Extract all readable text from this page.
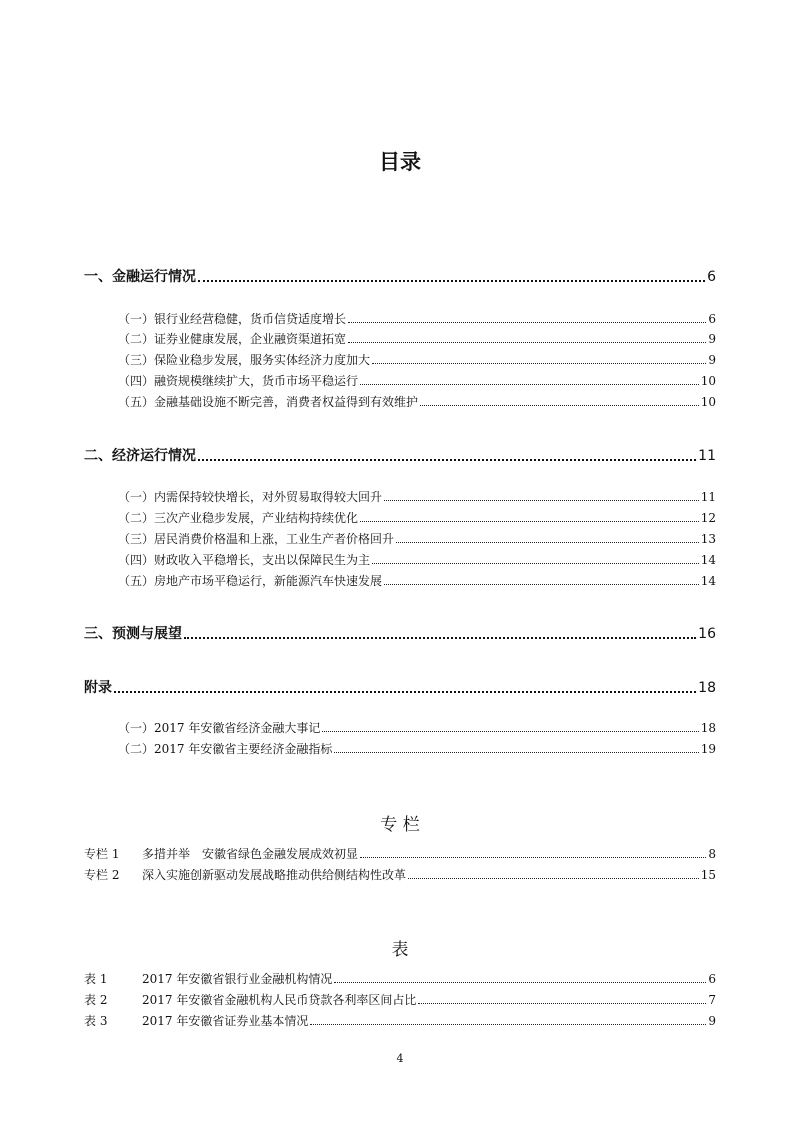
目录
一、金融运行情况	6
（一）银行业经营稳健，货币信贷适度增长	6
（二）证券业健康发展，企业融资渠道拓宽	9
（三）保险业稳步发展，服务实体经济力度加大	9
（四）融资规模继续扩大，货币市场平稳运行	10
（五）金融基础设施不断完善，消费者权益得到有效维护	10
二、经济运行情况	11
（一）内需保持较快增长，对外贸易取得较大回升	11
（二）三次产业稳步发展，产业结构持续优化	12
（三）居民消费价格温和上涨，工业生产者价格回升	13
（四）财政收入平稳增长，支出以保障民生为主	14
（五）房地产市场平稳运行，新能源汽车快速发展	14
三、预测与展望	16
附录	18
（一）2017 年安徽省经济金融大事记	18
（二）2017 年安徽省主要经济金融指标	19
专 栏
专栏 1 多措并举　安徽省绿色金融发展成效初显	8
专栏 2 深入实施创新驱动发展战略推动供给侧结构性改革	15
表
表 1	2017 年安徽省银行业金融机构情况	6
表 2	2017 年安徽省金融机构人民币贷款各利率区间占比	7
表 3	2017 年安徽省证券业基本情况	9
4
